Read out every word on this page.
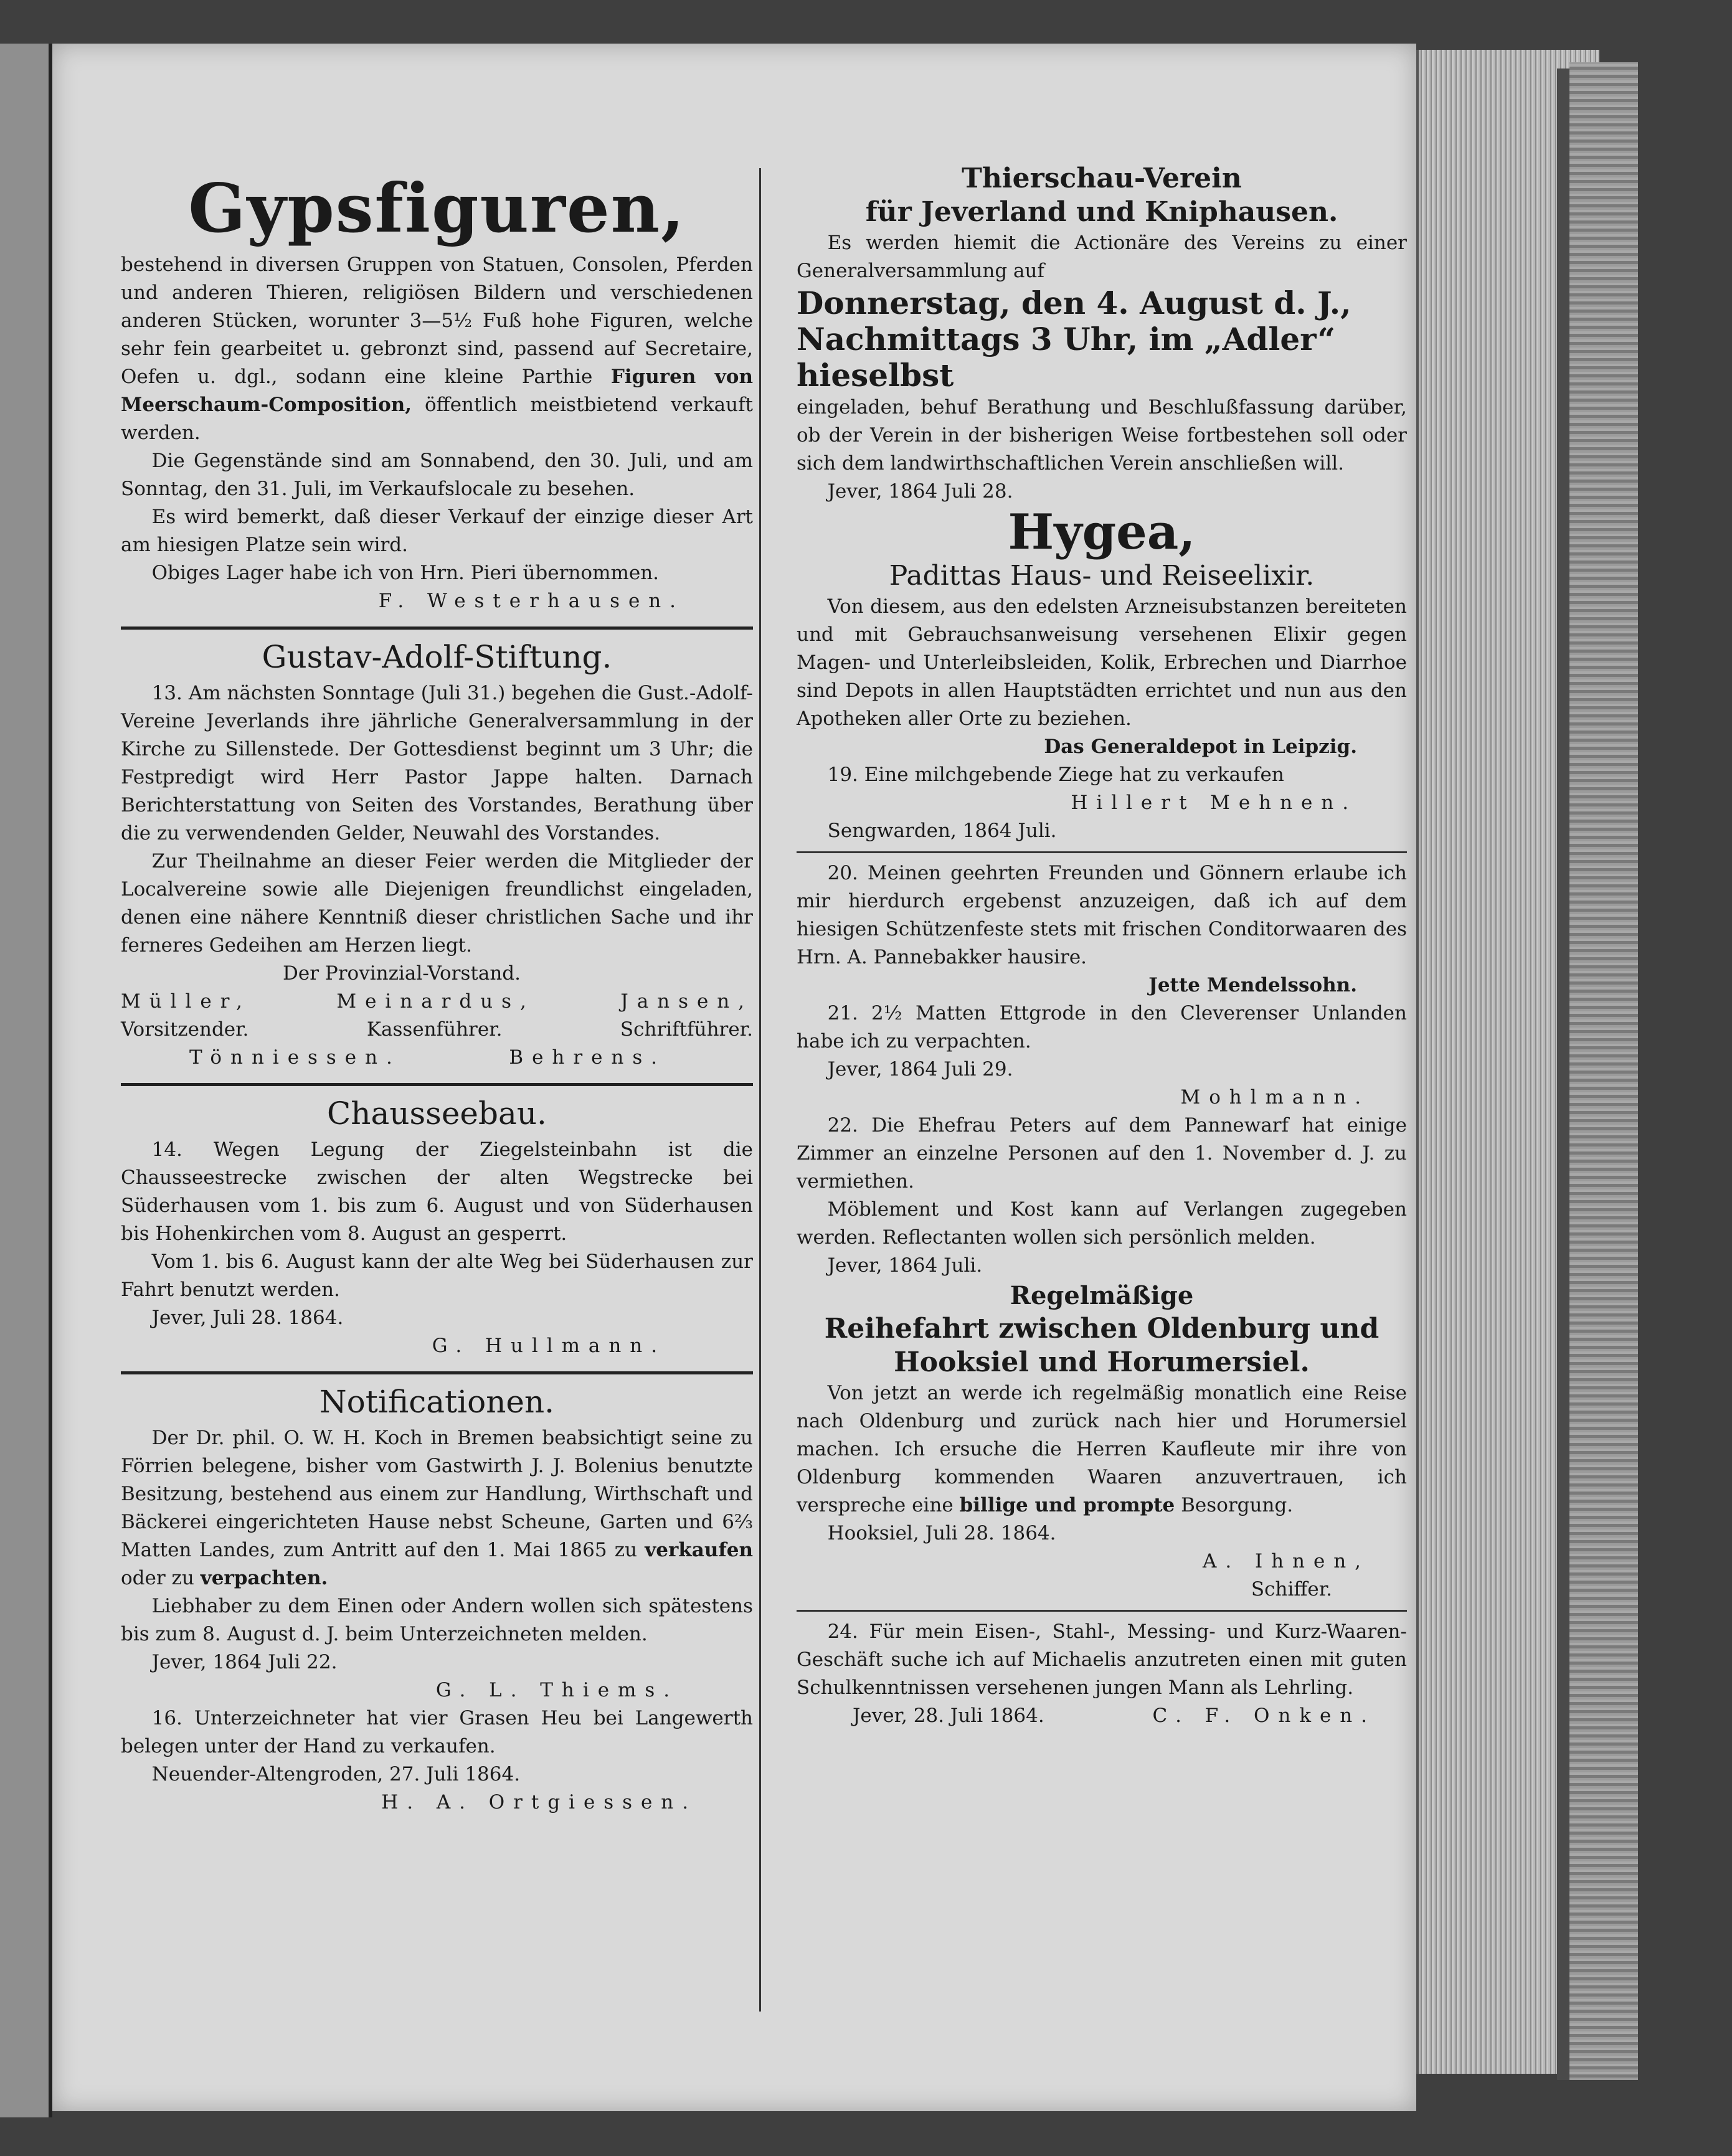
Gypsfiguren,

bestehend in diversen Gruppen von Statuen, Consolen, Pferden und anderen Thieren, religiösen Bildern und verschiedenen anderen Stücken, worunter 3—5½ Fuß hohe Figuren, welche sehr fein gearbeitet u. gebronzt sind, passend auf Secretaire, Oefen u. dgl., sodann eine kleine Parthie Figuren von Meerschaum-Composition, öffentlich meistbietend verkauft werden.

Die Gegenstände sind am Sonnabend, den 30. Juli, und am Sonntag, den 31. Juli, im Verkaufslocale zu besehen.

Es wird bemerkt, daß dieser Verkauf der einzige dieser Art am hiesigen Platze sein wird.

Obiges Lager habe ich von Hrn. Pieri übernommen.

F. Westerhausen.

Gustav-Adolf-Stiftung.

13. Am nächsten Sonntage (Juli 31.) begehen die Gust.-Adolf-Vereine Jeverlands ihre jährliche Generalversammlung in der Kirche zu Sillenstede. Der Gottesdienst beginnt um 3 Uhr; die Festpredigt wird Herr Pastor Jappe halten. Darnach Berichterstattung von Seiten des Vorstandes, Berathung über die zu verwendenden Gelder, Neuwahl des Vorstandes.

Zur Theilnahme an dieser Feier werden die Mitglieder der Localvereine sowie alle Diejenigen freundlichst eingeladen, denen eine nähere Kenntniß dieser christlichen Sache und ihr ferneres Gedeihen am Herzen liegt.

Der Provinzial-Vorstand.

Müller,	Meinardus,	Jansen,
Vorsitzender.	Kassenführer.	Schriftführer.
Tönniessen.	Behrens.
Chausseebau.

14. Wegen Legung der Ziegelsteinbahn ist die Chausseestrecke zwischen der alten Wegstrecke bei Süderhausen vom 1. bis zum 6. August und von Süderhausen bis Hohenkirchen vom 8. August an gesperrt.

Vom 1. bis 6. August kann der alte Weg bei Süderhausen zur Fahrt benutzt werden.

Jever, Juli 28. 1864.

G. Hullmann.

Notificationen.

Der Dr. phil. O. W. H. Koch in Bremen beabsichtigt seine zu Förrien belegene, bisher vom Gastwirth J. J. Bolenius benutzte Besitzung, bestehend aus einem zur Handlung, Wirthschaft und Bäckerei eingerichteten Hause nebst Scheune, Garten und 6⅔ Matten Landes, zum Antritt auf den 1. Mai 1865 zu verkaufen oder zu verpachten.

Liebhaber zu dem Einen oder Andern wollen sich spätestens bis zum 8. August d. J. beim Unterzeichneten melden.

Jever, 1864 Juli 22.

G. L. Thiems.

16. Unterzeichneter hat vier Grasen Heu bei Langewerth belegen unter der Hand zu verkaufen.

Neuender-Altengroden, 27. Juli 1864.

H. A. Ortgiessen.

Thierschau-Verein
für Jeverland und Kniphausen.

Es werden hiemit die Actionäre des Vereins zu einer Generalversammlung auf

Donnerstag, den 4. August d. J., Nachmittags 3 Uhr, im „Adler“ hieselbst

eingeladen, behuf Berathung und Beschlußfassung darüber, ob der Verein in der bisherigen Weise fortbestehen soll oder sich dem landwirthschaftlichen Verein anschließen will.

Jever, 1864 Juli 28.

Hygea,
Padittas Haus- und Reiseelixir.

Von diesem, aus den edelsten Arzneisubstanzen bereiteten und mit Gebrauchsanweisung versehenen Elixir gegen Magen- und Unterleibsleiden, Kolik, Erbrechen und Diarrhoe sind Depots in allen Hauptstädten errichtet und nun aus den Apotheken aller Orte zu beziehen.

Das Generaldepot in Leipzig.

19. Eine milchgebende Ziege hat zu verkaufen

Hillert Mehnen.

Sengwarden, 1864 Juli.

20. Meinen geehrten Freunden und Gönnern erlaube ich mir hierdurch ergebenst anzuzeigen, daß ich auf dem hiesigen Schützenfeste stets mit frischen Conditorwaaren des Hrn. A. Pannebakker hausire.

Jette Mendelssohn.

21. 2½ Matten Ettgrode in den Cleverenser Unlanden habe ich zu verpachten.

Jever, 1864 Juli 29.

Mohlmann.

22. Die Ehefrau Peters auf dem Pannewarf hat einige Zimmer an einzelne Personen auf den 1. November d. J. zu vermiethen.

Möblement und Kost kann auf Verlangen zugegeben werden. Reflectanten wollen sich persönlich melden.

Jever, 1864 Juli.

Regelmäßige
Reihefahrt zwischen Oldenburg und Hooksiel und Horumersiel.

Von jetzt an werde ich regelmäßig monatlich eine Reise nach Oldenburg und zurück nach hier und Horumersiel machen. Ich ersuche die Herren Kaufleute mir ihre von Oldenburg kommenden Waaren anzuvertrauen, ich verspreche eine billige und prompte Besorgung.

Hooksiel, Juli 28. 1864.

A. Ihnen,

Schiffer.

24. Für mein Eisen-, Stahl-, Messing- und Kurz-Waaren-Geschäft suche ich auf Michaelis anzutreten einen mit guten Schulkenntnissen versehenen jungen Mann als Lehrling.

Jever, 28. Juli 1864.	C. F. Onken.
